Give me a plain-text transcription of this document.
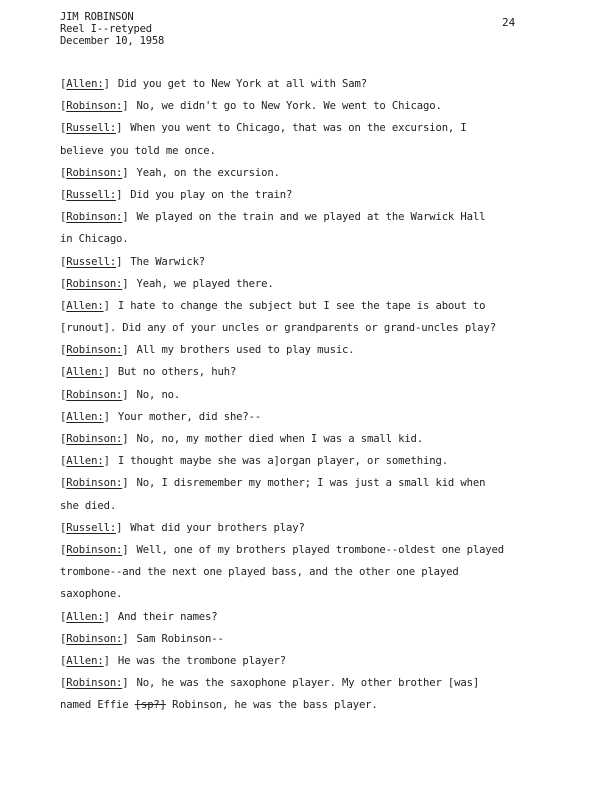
JIM ROBINSON
Reel I--retyped
December 10, 1958
24
[Allen:] Did you get to New York at all with Sam?
[Robinson:] No, we didn't go to New York. We went to Chicago.
[Russell:] When you went to Chicago, that was on the excursion, I
believe you told me once.
[Robinson:] Yeah, on the excursion.
[Russell:] Did you play on the train?
[Robinson:] We played on the train and we played at the Warwick Hall
in Chicago.
[Russell:] The Warwick?
[Robinson:] Yeah, we played there.
[Allen:] I hate to change the subject but I see the tape is about to
[runout]. Did any of your uncles or grandparents or grand-uncles play?
[Robinson:] All my brothers used to play music.
[Allen:] But no others, huh?
[Robinson:] No, no.
[Allen:] Your mother, did she?--
[Robinson:] No, no, my mother died when I was a small kid.
[Allen:] I thought maybe she was a]organ player, or something.
[Robinson:] No, I disremember my mother; I was just a small kid when
she died.
[Russell:] What did your brothers play?
[Robinson:] Well, one of my brothers played trombone--oldest one played
trombone--and the next one played bass, and the other one played
saxophone.
[Allen:] And their names?
[Robinson:] Sam Robinson--
[Allen:] He was the trombone player?
[Robinson:] No, he was the saxophone player. My other brother [was]
named Effie [sp?] Robinson, he was the bass player.
